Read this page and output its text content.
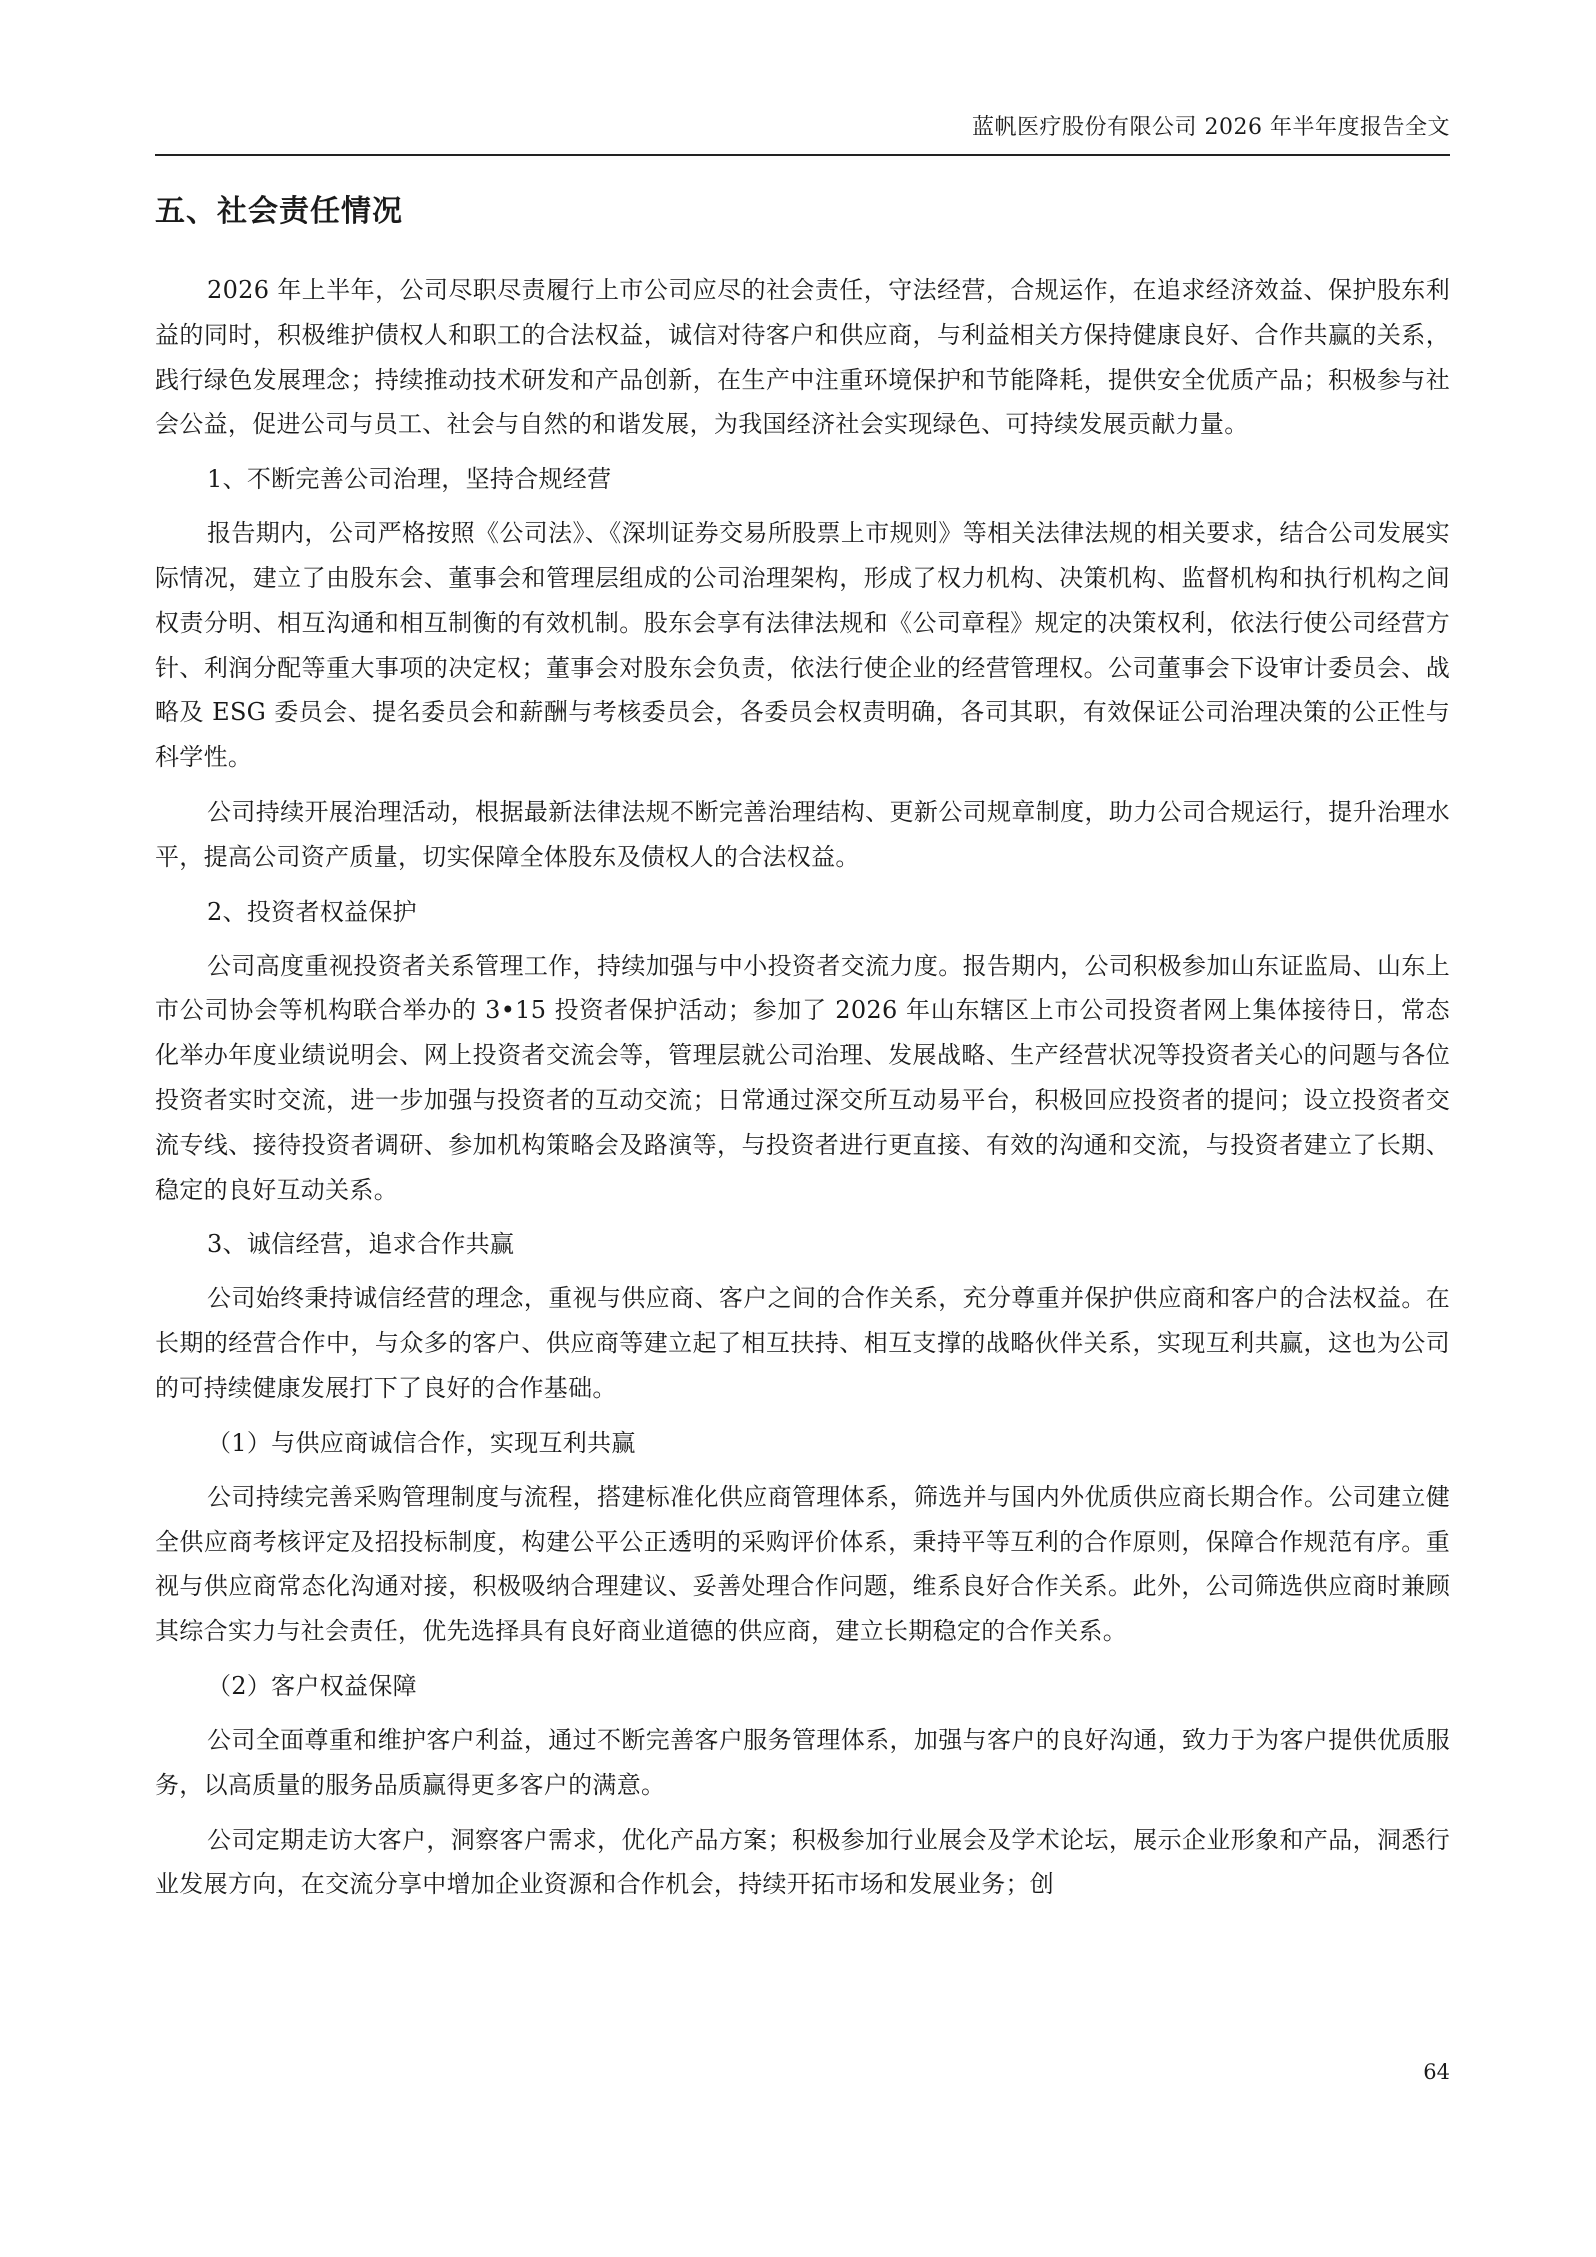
蓝帆医疗股份有限公司 2026 年半年度报告全文
五、社会责任情况

2026 年上半年，公司尽职尽责履行上市公司应尽的社会责任，守法经营，合规运作，在追求经济效益、保护股东利益的同时，积极维护债权人和职工的合法权益，诚信对待客户和供应商，与利益相关方保持健康良好、合作共赢的关系，践行绿色发展理念；持续推动技术研发和产品创新，在生产中注重环境保护和节能降耗，提供安全优质产品；积极参与社会公益，促进公司与员工、社会与自然的和谐发展，为我国经济社会实现绿色、可持续发展贡献力量。

1、不断完善公司治理，坚持合规经营

报告期内，公司严格按照《公司法》、《深圳证券交易所股票上市规则》等相关法律法规的相关要求，结合公司发展实际情况，建立了由股东会、董事会和管理层组成的公司治理架构，形成了权力机构、决策机构、监督机构和执行机构之间权责分明、相互沟通和相互制衡的有效机制。股东会享有法律法规和《公司章程》规定的决策权利，依法行使公司经营方针、利润分配等重大事项的决定权；董事会对股东会负责，依法行使企业的经营管理权。公司董事会下设审计委员会、战略及 ESG 委员会、提名委员会和薪酬与考核委员会，各委员会权责明确，各司其职，有效保证公司治理决策的公正性与科学性。

公司持续开展治理活动，根据最新法律法规不断完善治理结构、更新公司规章制度，助力公司合规运行，提升治理水平，提高公司资产质量，切实保障全体股东及债权人的合法权益。

2、投资者权益保护

公司高度重视投资者关系管理工作，持续加强与中小投资者交流力度。报告期内，公司积极参加山东证监局、山东上市公司协会等机构联合举办的 3•15 投资者保护活动；参加了 2026 年山东辖区上市公司投资者网上集体接待日，常态化举办年度业绩说明会、网上投资者交流会等，管理层就公司治理、发展战略、生产经营状况等投资者关心的问题与各位投资者实时交流，进一步加强与投资者的互动交流；日常通过深交所互动易平台，积极回应投资者的提问；设立投资者交流专线、接待投资者调研、参加机构策略会及路演等，与投资者进行更直接、有效的沟通和交流，与投资者建立了长期、稳定的良好互动关系。

3、诚信经营，追求合作共赢

公司始终秉持诚信经营的理念，重视与供应商、客户之间的合作关系，充分尊重并保护供应商和客户的合法权益。在长期的经营合作中，与众多的客户、供应商等建立起了相互扶持、相互支撑的战略伙伴关系，实现互利共赢，这也为公司的可持续健康发展打下了良好的合作基础。

（1）与供应商诚信合作，实现互利共赢

公司持续完善采购管理制度与流程，搭建标准化供应商管理体系，筛选并与国内外优质供应商长期合作。公司建立健全供应商考核评定及招投标制度，构建公平公正透明的采购评价体系，秉持平等互利的合作原则，保障合作规范有序。重视与供应商常态化沟通对接，积极吸纳合理建议、妥善处理合作问题，维系良好合作关系。此外，公司筛选供应商时兼顾其综合实力与社会责任，优先选择具有良好商业道德的供应商，建立长期稳定的合作关系。

（2）客户权益保障

公司全面尊重和维护客户利益，通过不断完善客户服务管理体系，加强与客户的良好沟通，致力于为客户提供优质服务，以高质量的服务品质赢得更多客户的满意。

公司定期走访大客户，洞察客户需求，优化产品方案；积极参加行业展会及学术论坛，展示企业形象和产品，洞悉行业发展方向，在交流分享中增加企业资源和合作机会，持续开拓市场和发展业务；创

64
